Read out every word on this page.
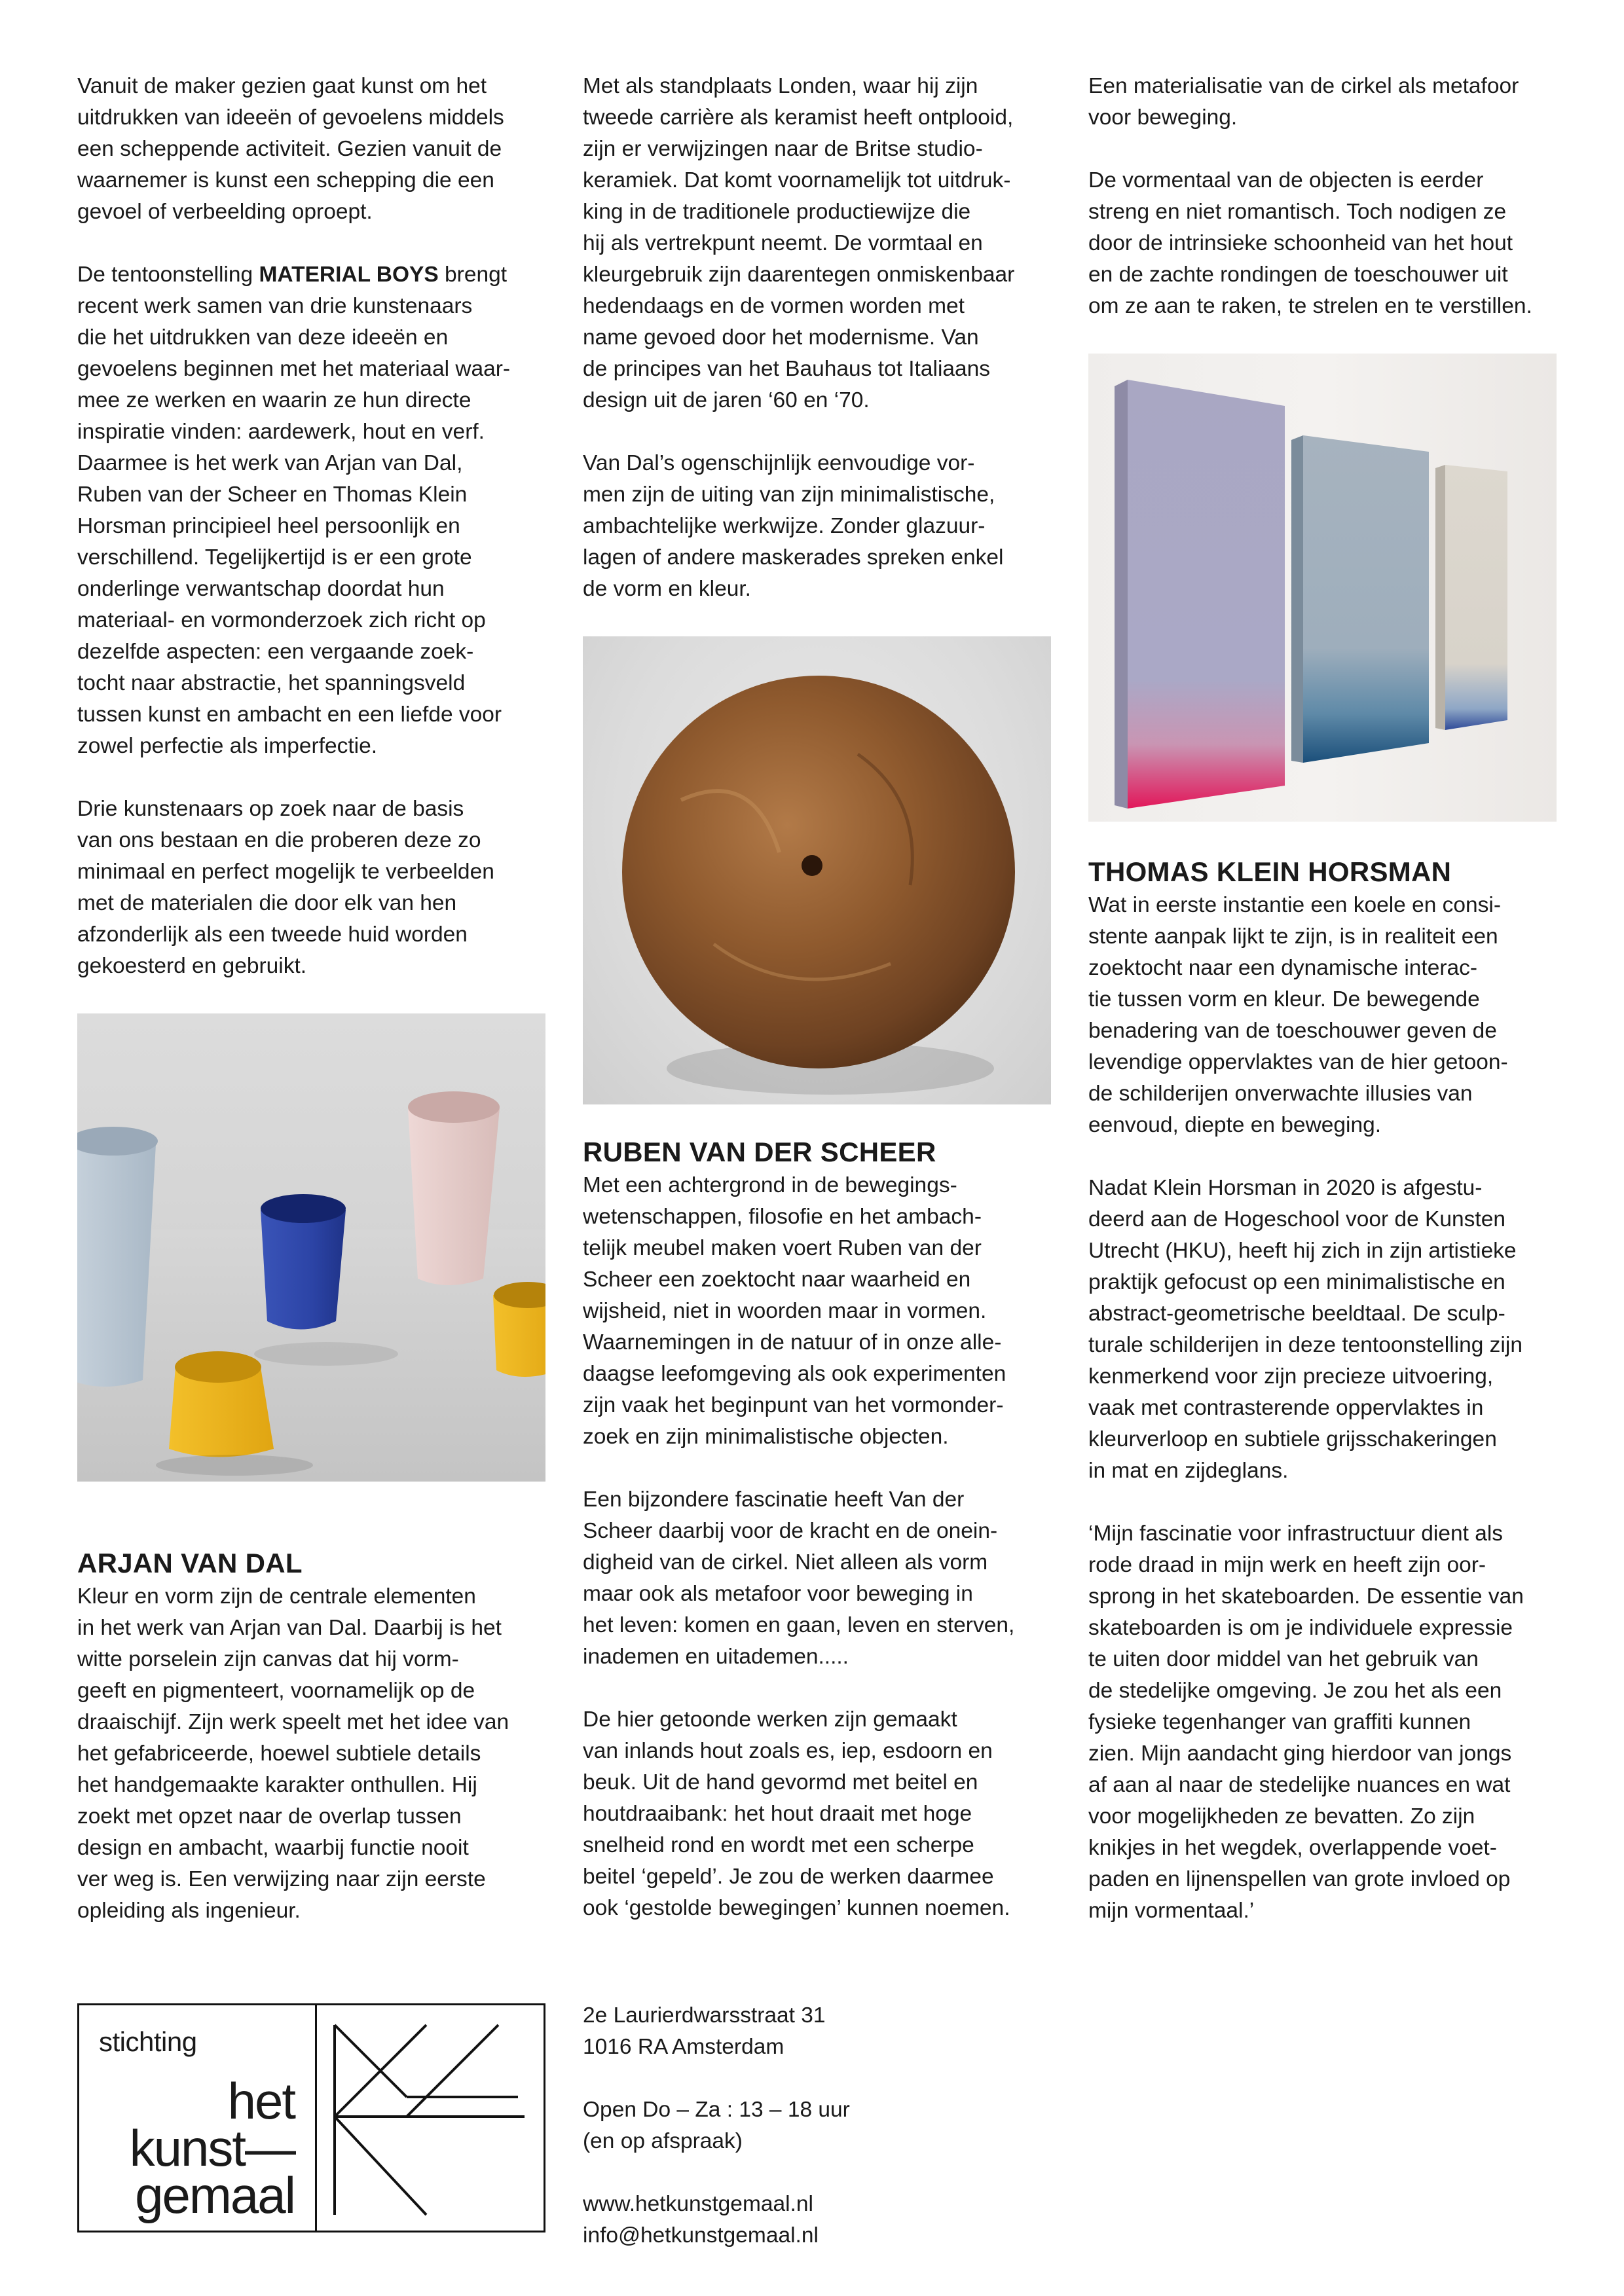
Vanuit de maker gezien gaat kunst om het
uitdrukken van ideeën of gevoelens middels
een scheppende activiteit. Gezien vanuit de
waarnemer is kunst een schepping die een
gevoel of verbeelding oproept.

De tentoonstelling MATERIAL BOYS brengt
recent werk samen van drie kunstenaars
die het uitdrukken van deze ideeën en
gevoelens beginnen met het materiaal waar-
mee ze werken en waarin ze hun directe
inspiratie vinden: aardewerk, hout en verf.
Daarmee is het werk van Arjan van Dal,
Ruben van der Scheer en Thomas Klein
Horsman principieel heel persoonlijk en
verschillend. Tegelijkertijd is er een grote
onderlinge verwantschap doordat hun
materiaal- en vormonderzoek zich richt op
dezelfde aspecten: een vergaande zoek-
tocht naar abstractie, het spanningsveld
tussen kunst en ambacht en een liefde voor
zowel perfectie als imperfectie.

Drie kunstenaars op zoek naar de basis
van ons bestaan en die proberen deze zo
minimaal en perfect mogelijk te verbeelden
met de materialen die door elk van hen
afzonderlijk als een tweede huid worden
gekoesterd en gebruikt.

ARJAN VAN DAL

Kleur en vorm zijn de centrale elementen
in het werk van Arjan van Dal. Daarbij is het
witte porselein zijn canvas dat hij vorm-
geeft en pigmenteert, voornamelijk op de
draaischijf. Zijn werk speelt met het idee van
het gefabriceerde, hoewel subtiele details
het handgemaakte karakter onthullen. Hij
zoekt met opzet naar de overlap tussen
design en ambacht, waarbij functie nooit
ver weg is. Een verwijzing naar zijn eerste
opleiding als ingenieur.

Met als standplaats Londen, waar hij zijn
tweede carrière als keramist heeft ontplooid,
zijn er verwijzingen naar de Britse studio-
keramiek. Dat komt voornamelijk tot uitdruk-
king in de traditionele productiewijze die
hij als vertrekpunt neemt. De vormtaal en
kleurgebruik zijn daarentegen onmiskenbaar
hedendaags en de vormen worden met
name gevoed door het modernisme. Van
de principes van het Bauhaus tot Italiaans
design uit de jaren ‘60 en ‘70.

Van Dal’s ogenschijnlijk eenvoudige vor-
men zijn de uiting van zijn minimalistische,
ambachtelijke werkwijze. Zonder glazuur-
lagen of andere maskerades spreken enkel
de vorm en kleur.

RUBEN VAN DER SCHEER

Met een achtergrond in de bewegings-
wetenschappen, filosofie en het ambach-
telijk meubel maken voert Ruben van der
Scheer een zoektocht naar waarheid en
wijsheid, niet in woorden maar in vormen.
Waarnemingen in de natuur of in onze alle-
daagse leefomgeving als ook experimenten
zijn vaak het beginpunt van het vormonder-
zoek en zijn minimalistische objecten.

Een bijzondere fascinatie heeft Van der
Scheer daarbij voor de kracht en de onein-
digheid van de cirkel. Niet alleen als vorm
maar ook als metafoor voor beweging in
het leven: komen en gaan, leven en sterven,
inademen en uitademen.....

De hier getoonde werken zijn gemaakt
van inlands hout zoals es, iep, esdoorn en
beuk. Uit de hand gevormd met beitel en
houtdraaibank: het hout draait met hoge
snelheid rond en wordt met een scherpe
beitel ‘gepeld’. Je zou de werken daarmee
ook ‘gestolde bewegingen’ kunnen noemen.

Een materialisatie van de cirkel als metafoor
voor beweging.

De vormentaal van de objecten is eerder
streng en niet romantisch. Toch nodigen ze
door de intrinsieke schoonheid van het hout
en de zachte rondingen de toeschouwer uit
om ze aan te raken, te strelen en te verstillen.

THOMAS KLEIN HORSMAN

Wat in eerste instantie een koele en consi-
stente aanpak lijkt te zijn, is in realiteit een
zoektocht naar een dynamische interac-
tie tussen vorm en kleur. De bewegende
benadering van de toeschouwer geven de
levendige oppervlaktes van de hier getoon-
de schilderijen onverwachte illusies van
eenvoud, diepte en beweging.

Nadat Klein Horsman in 2020 is afgestu-
deerd aan de Hogeschool voor de Kunsten
Utrecht (HKU), heeft hij zich in zijn artistieke
praktijk gefocust op een minimalistische en
abstract-geometrische beeldtaal. De sculp-
turale schilderijen in deze tentoonstelling zijn
kenmerkend voor zijn precieze uitvoering,
vaak met contrasterende oppervlaktes in
kleurverloop en subtiele grijsschakeringen
in mat en zijdeglans.

‘Mijn fascinatie voor infrastructuur dient als
rode draad in mijn werk en heeft zijn oor-
sprong in het skateboarden. De essentie van
skateboarden is om je individuele expressie
te uiten door middel van het gebruik van
de stedelijke omgeving. Je zou het als een
fysieke tegenhanger van graffiti kunnen
zien. Mijn aandacht ging hierdoor van jongs
af aan al naar de stedelijke nuances en wat
voor mogelijkheden ze bevatten. Zo zijn
knikjes in het wegdek, overlappende voet-
paden en lijnenspellen van grote invloed op
mijn vormentaal.’

stichting
het
kunst—
gemaal

2e Laurierdwarsstraat 31
1016 RA Amsterdam

Open Do – Za : 13 – 18 uur
(en op afspraak)

www.hetkunstgemaal.nl
info@hetkunstgemaal.nl
